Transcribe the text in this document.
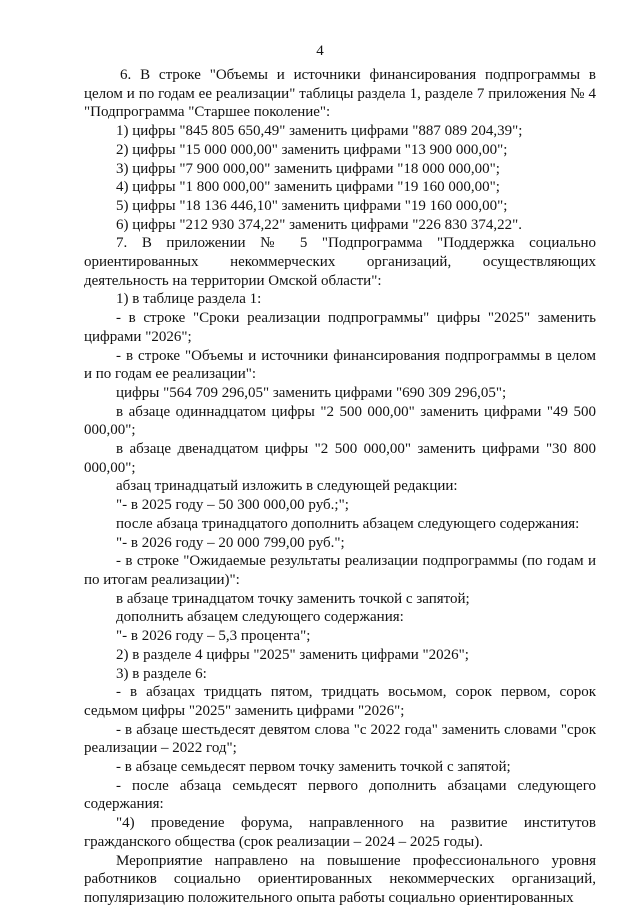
4

6. В строке "Объемы и источники финансирования подпрограммы в целом и по годам ее реализации" таблицы раздела 1, разделе 7 приложения № 4 "Подпрограмма "Старшее поколение":

1) цифры "845 805 650,49" заменить цифрами "887 089 204,39";

2) цифры "15 000 000,00" заменить цифрами "13 900 000,00";

3) цифры "7 900 000,00" заменить цифрами "18 000 000,00";

4) цифры "1 800 000,00" заменить цифрами "19 160 000,00";

5) цифры "18 136 446,10" заменить цифрами "19 160 000,00";

6) цифры "212 930 374,22" заменить цифрами "226 830 374,22".

7. В приложении № 5 "Подпрограмма "Поддержка социально ориентированных некоммерческих организаций, осуществляющих деятельность на территории Омской области":

1) в таблице раздела 1:

- в строке "Сроки реализации подпрограммы" цифры "2025" заменить цифрами "2026";

- в строке "Объемы и источники финансирования подпрограммы в целом и по годам ее реализации":

цифры "564 709 296,05" заменить цифрами "690 309 296,05";

в абзаце одиннадцатом цифры "2 500 000,00" заменить цифрами "49 500 000,00";

в абзаце двенадцатом цифры "2 500 000,00" заменить цифрами "30 800 000,00";

абзац тринадцатый изложить в следующей редакции:

"- в 2025 году – 50 300 000,00 руб.;";

после абзаца тринадцатого дополнить абзацем следующего содержания:

"- в 2026 году – 20 000 799,00 руб.";

- в строке "Ожидаемые результаты реализации подпрограммы (по годам и по итогам реализации)":

в абзаце тринадцатом точку заменить точкой с запятой;

дополнить абзацем следующего содержания:

"- в 2026 году – 5,3 процента";

2) в разделе 4 цифры "2025" заменить цифрами "2026";

3) в разделе 6:

- в абзацах тридцать пятом, тридцать восьмом, сорок первом, сорок седьмом цифры "2025" заменить цифрами "2026";

- в абзаце шестьдесят девятом слова "с 2022 года" заменить словами "срок реализации – 2022 год";

- в абзаце семьдесят первом точку заменить точкой с запятой;

- после абзаца семьдесят первого дополнить абзацами следующего содержания:

"4) проведение форума, направленного на развитие институтов гражданского общества (срок реализации – 2024 – 2025 годы).

Мероприятие направлено на повышение профессионального уровня работников социально ориентированных некоммерческих организаций, популяризацию положительного опыта работы социально ориентированных
